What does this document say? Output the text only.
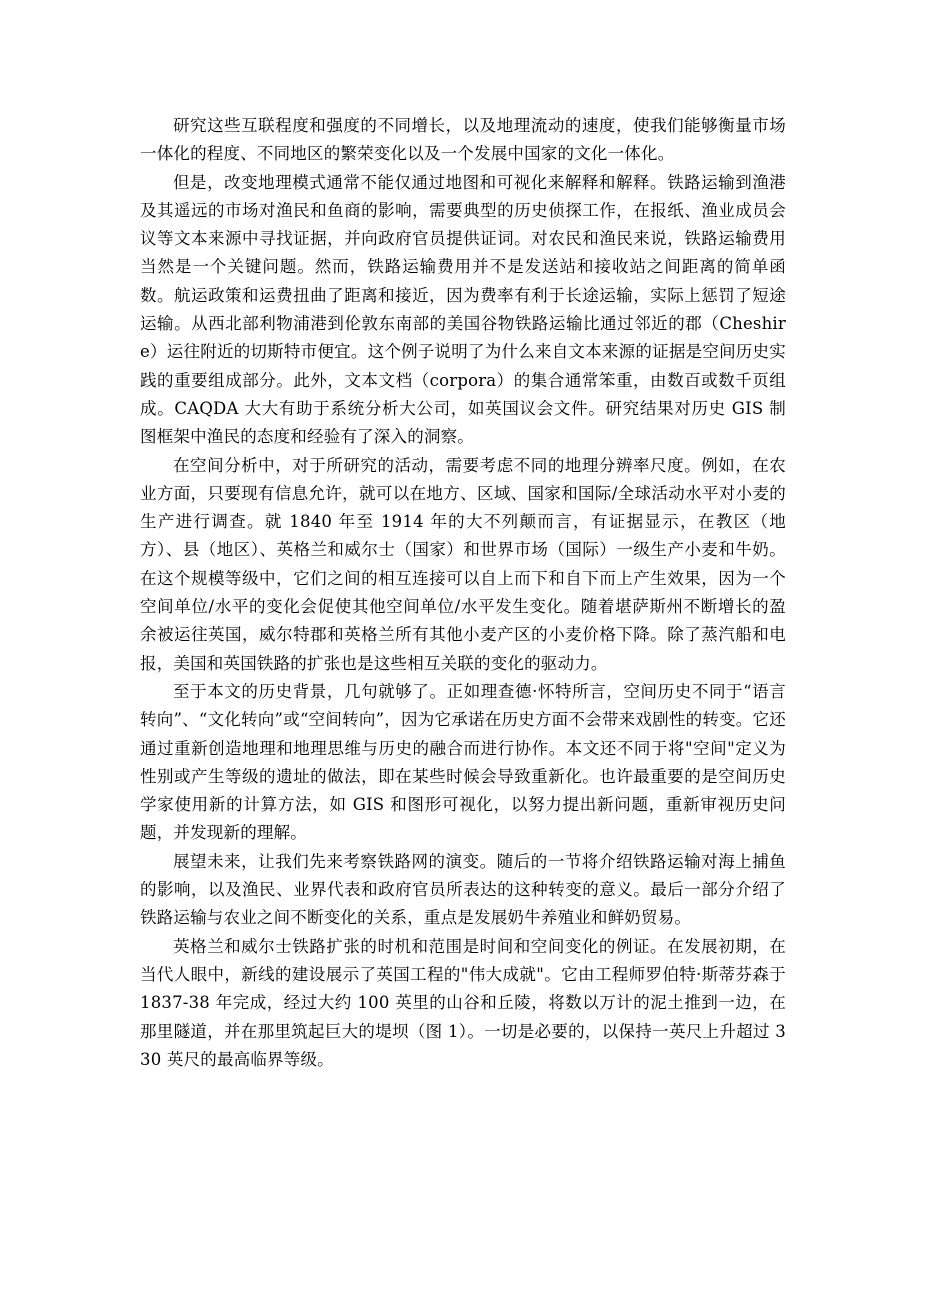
研究这些互联程度和强度的不同增长，以及地理流动的速度，使我们能够衡量市场一体化的程度、不同地区的繁荣变化以及一个发展中国家的文化一体化。

但是，改变地理模式通常不能仅通过地图和可视化来解释和解释。铁路运输到渔港及其遥远的市场对渔民和鱼商的影响，需要典型的历史侦探工作，在报纸、渔业成员会议等文本来源中寻找证据，并向政府官员提供证词。对农民和渔民来说，铁路运输费用当然是一个关键问题。然而，铁路运输费用并不是发送站和接收站之间距离的简单函数。航运政策和运费扭曲了距离和接近，因为费率有利于长途运输，实际上惩罚了短途运输。从西北部利物浦港到伦敦东南部的美国谷物铁路运输比通过邻近的郡（Cheshire）运往附近的切斯特市便宜。这个例子说明了为什么来自文本来源的证据是空间历史实践的重要组成部分。此外，文本文档（corpora）的集合通常笨重，由数百或数千页组成。CAQDA 大大有助于系统分析大公司，如英国议会文件。研究结果对历史 GIS 制图框架中渔民的态度和经验有了深入的洞察。

在空间分析中，对于所研究的活动，需要考虑不同的地理分辨率尺度。例如，在农业方面，只要现有信息允许，就可以在地方、区域、国家和国际/全球活动水平对小麦的生产进行调查。就 1840 年至 1914 年的大不列颠而言，有证据显示，在教区（地方）、县（地区）、英格兰和威尔士（国家）和世界市场（国际）一级生产小麦和牛奶。在这个规模等级中，它们之间的相互连接可以自上而下和自下而上产生效果，因为一个空间单位/水平的变化会促使其他空间单位/水平发生变化。随着堪萨斯州不断增长的盈余被运往英国，威尔特郡和英格兰所有其他小麦产区的小麦价格下降。除了蒸汽船和电报，美国和英国铁路的扩张也是这些相互关联的变化的驱动力。

至于本文的历史背景，几句就够了。正如理查德·怀特所言，空间历史不同于“语言转向”、“文化转向”或“空间转向”，因为它承诺在历史方面不会带来戏剧性的转变。它还通过重新创造地理和地理思维与历史的融合而进行协作。本文还不同于将"空间"定义为性别或产生等级的遗址的做法，即在某些时候会导致重新化。也许最重要的是空间历史学家使用新的计算方法，如 GIS 和图形可视化，以努力提出新问题，重新审视历史问题，并发现新的理解。

展望未来，让我们先来考察铁路网的演变。随后的一节将介绍铁路运输对海上捕鱼的影响，以及渔民、业界代表和政府官员所表达的这种转变的意义。最后一部分介绍了铁路运输与农业之间不断变化的关系，重点是发展奶牛养殖业和鲜奶贸易。

英格兰和威尔士铁路扩张的时机和范围是时间和空间变化的例证。在发展初期，在当代人眼中，新线的建设展示了英国工程的"伟大成就"。它由工程师罗伯特·斯蒂芬森于 1837-38 年完成，经过大约 100 英里的山谷和丘陵，将数以万计的泥土推到一边，在那里隧道，并在那里筑起巨大的堤坝（图 1）。一切是必要的，以保持一英尺上升超过 330 英尺的最高临界等级。
